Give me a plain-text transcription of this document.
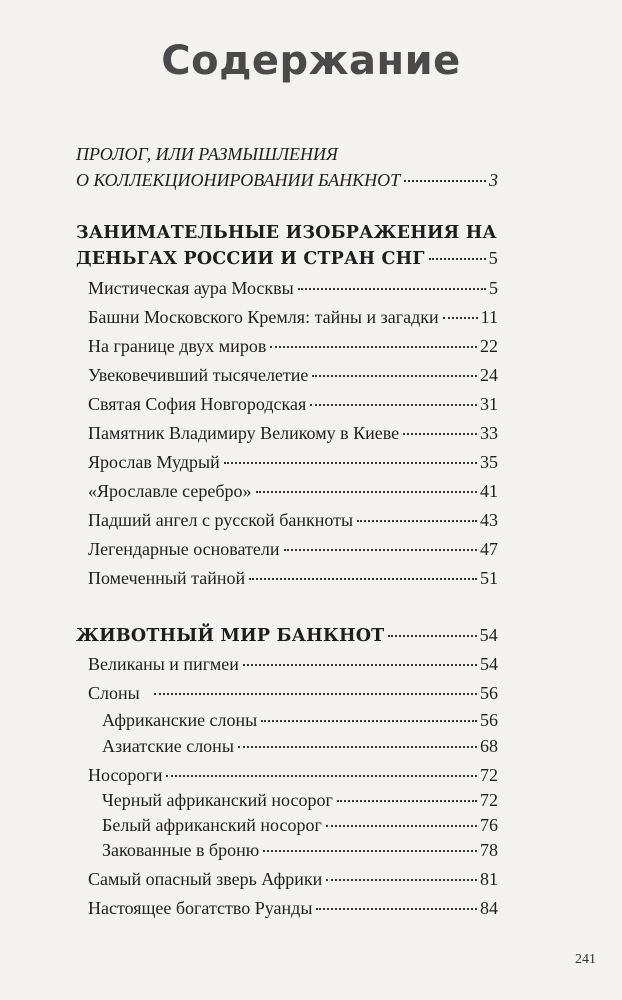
Содержание
ПРОЛОГ, ИЛИ РАЗМЫШЛЕНИЯ
О КОЛЛЕКЦИОНИРОВАНИИ БАНКНОТ	3
ЗАНИМАТЕЛЬНЫЕ ИЗОБРАЖЕНИЯ НА
ДЕНЬГАХ РОССИИ И СТРАН СНГ	5
Мистическая аура Москвы	5
Башни Московского Кремля: тайны и загадки 11
На границе двух миров	22
Увековечивший тысячелетие	24
Святая София Новгородская	31
Памятник Владимиру Великому в Киеве	33
Ярослав Мудрый	35
«Ярославле серебро»	41
Падший ангел с русской банкноты	43
Легендарные основатели	47
Помеченный тайной	51
ЖИВОТНЫЙ МИР БАНКНОТ	54
Великаны и пигмеи	54
Слоны	56
Африканские слоны	56
Азиатские слоны	68
Носороги	72
Черный африканский носорог	72
Белый африканский носорог	76
Закованные в броню	78
Самый опасный зверь Африки	81
Настоящее богатство Руанды	84
241
